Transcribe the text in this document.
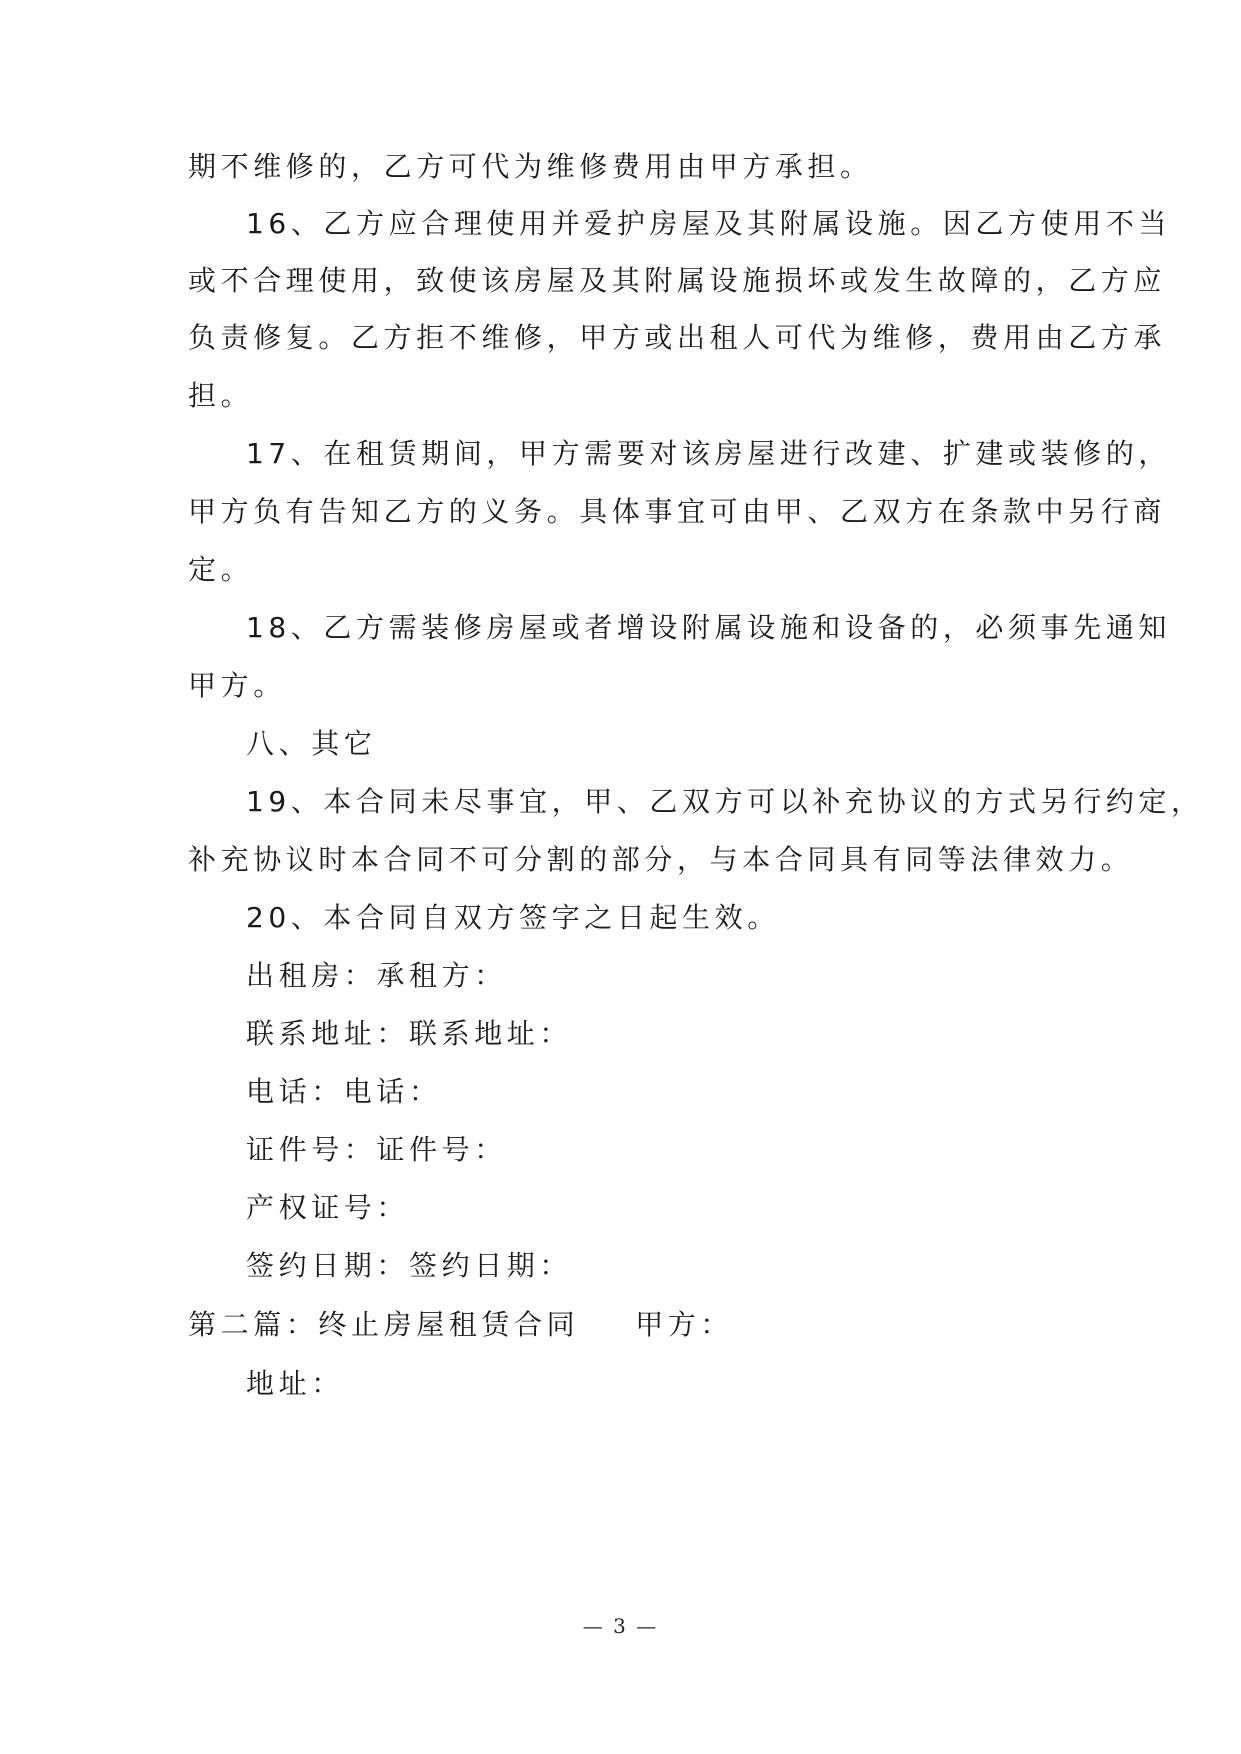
期不维修的，乙方可代为维修费用由甲方承担。
16、乙方应合理使用并爱护房屋及其附属设施。因乙方使用不当
或不合理使用，致使该房屋及其附属设施损坏或发生故障的，乙方应
负责修复。乙方拒不维修，甲方或出租人可代为维修，费用由乙方承
担。
17、在租赁期间，甲方需要对该房屋进行改建、扩建或装修的，
甲方负有告知乙方的义务。具体事宜可由甲、乙双方在条款中另行商
定。
18、乙方需装修房屋或者增设附属设施和设备的，必须事先通知
甲方。
八、其它
19、本合同未尽事宜，甲、乙双方可以补充协议的方式另行约定，
补充协议时本合同不可分割的部分，与本合同具有同等法律效力。
20、本合同自双方签字之日起生效。
出租房：承租方：
联系地址：联系地址：
电话：电话：
证件号：证件号：
产权证号：
签约日期：签约日期：
第二篇：终止房屋租赁合同 甲方：
地址：
— 3 —
